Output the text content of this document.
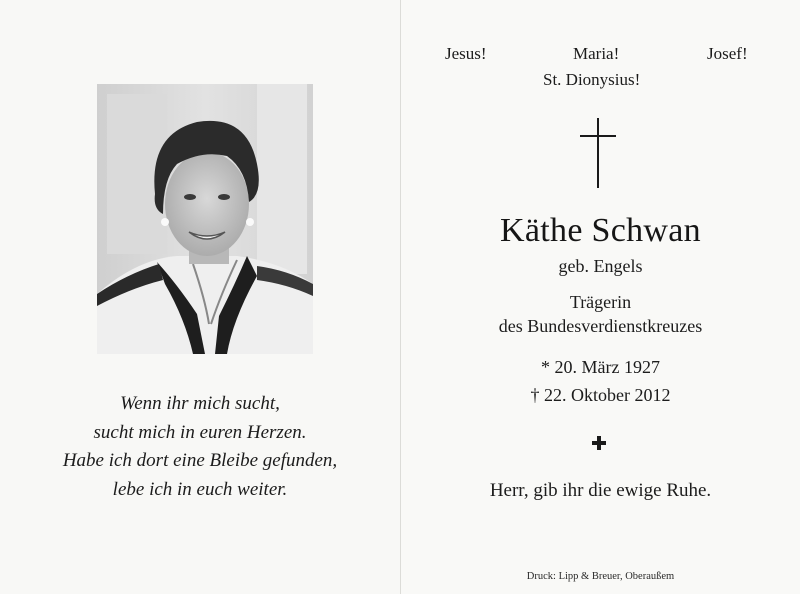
Wenn ihr mich sucht,
sucht mich in euren Herzen.
Habe ich dort eine Bleibe gefunden,
lebe ich in euch weiter.
Jesus!	Maria!	Josef!
St. Dionysius!
Käthe Schwan
geb. Engels
Trägerin
des Bundesverdienstkreuzes
* 20. März 1927
† 22. Oktober 2012
Herr, gib ihr die ewige Ruhe.
Druck: Lipp & Breuer, Oberaußem
